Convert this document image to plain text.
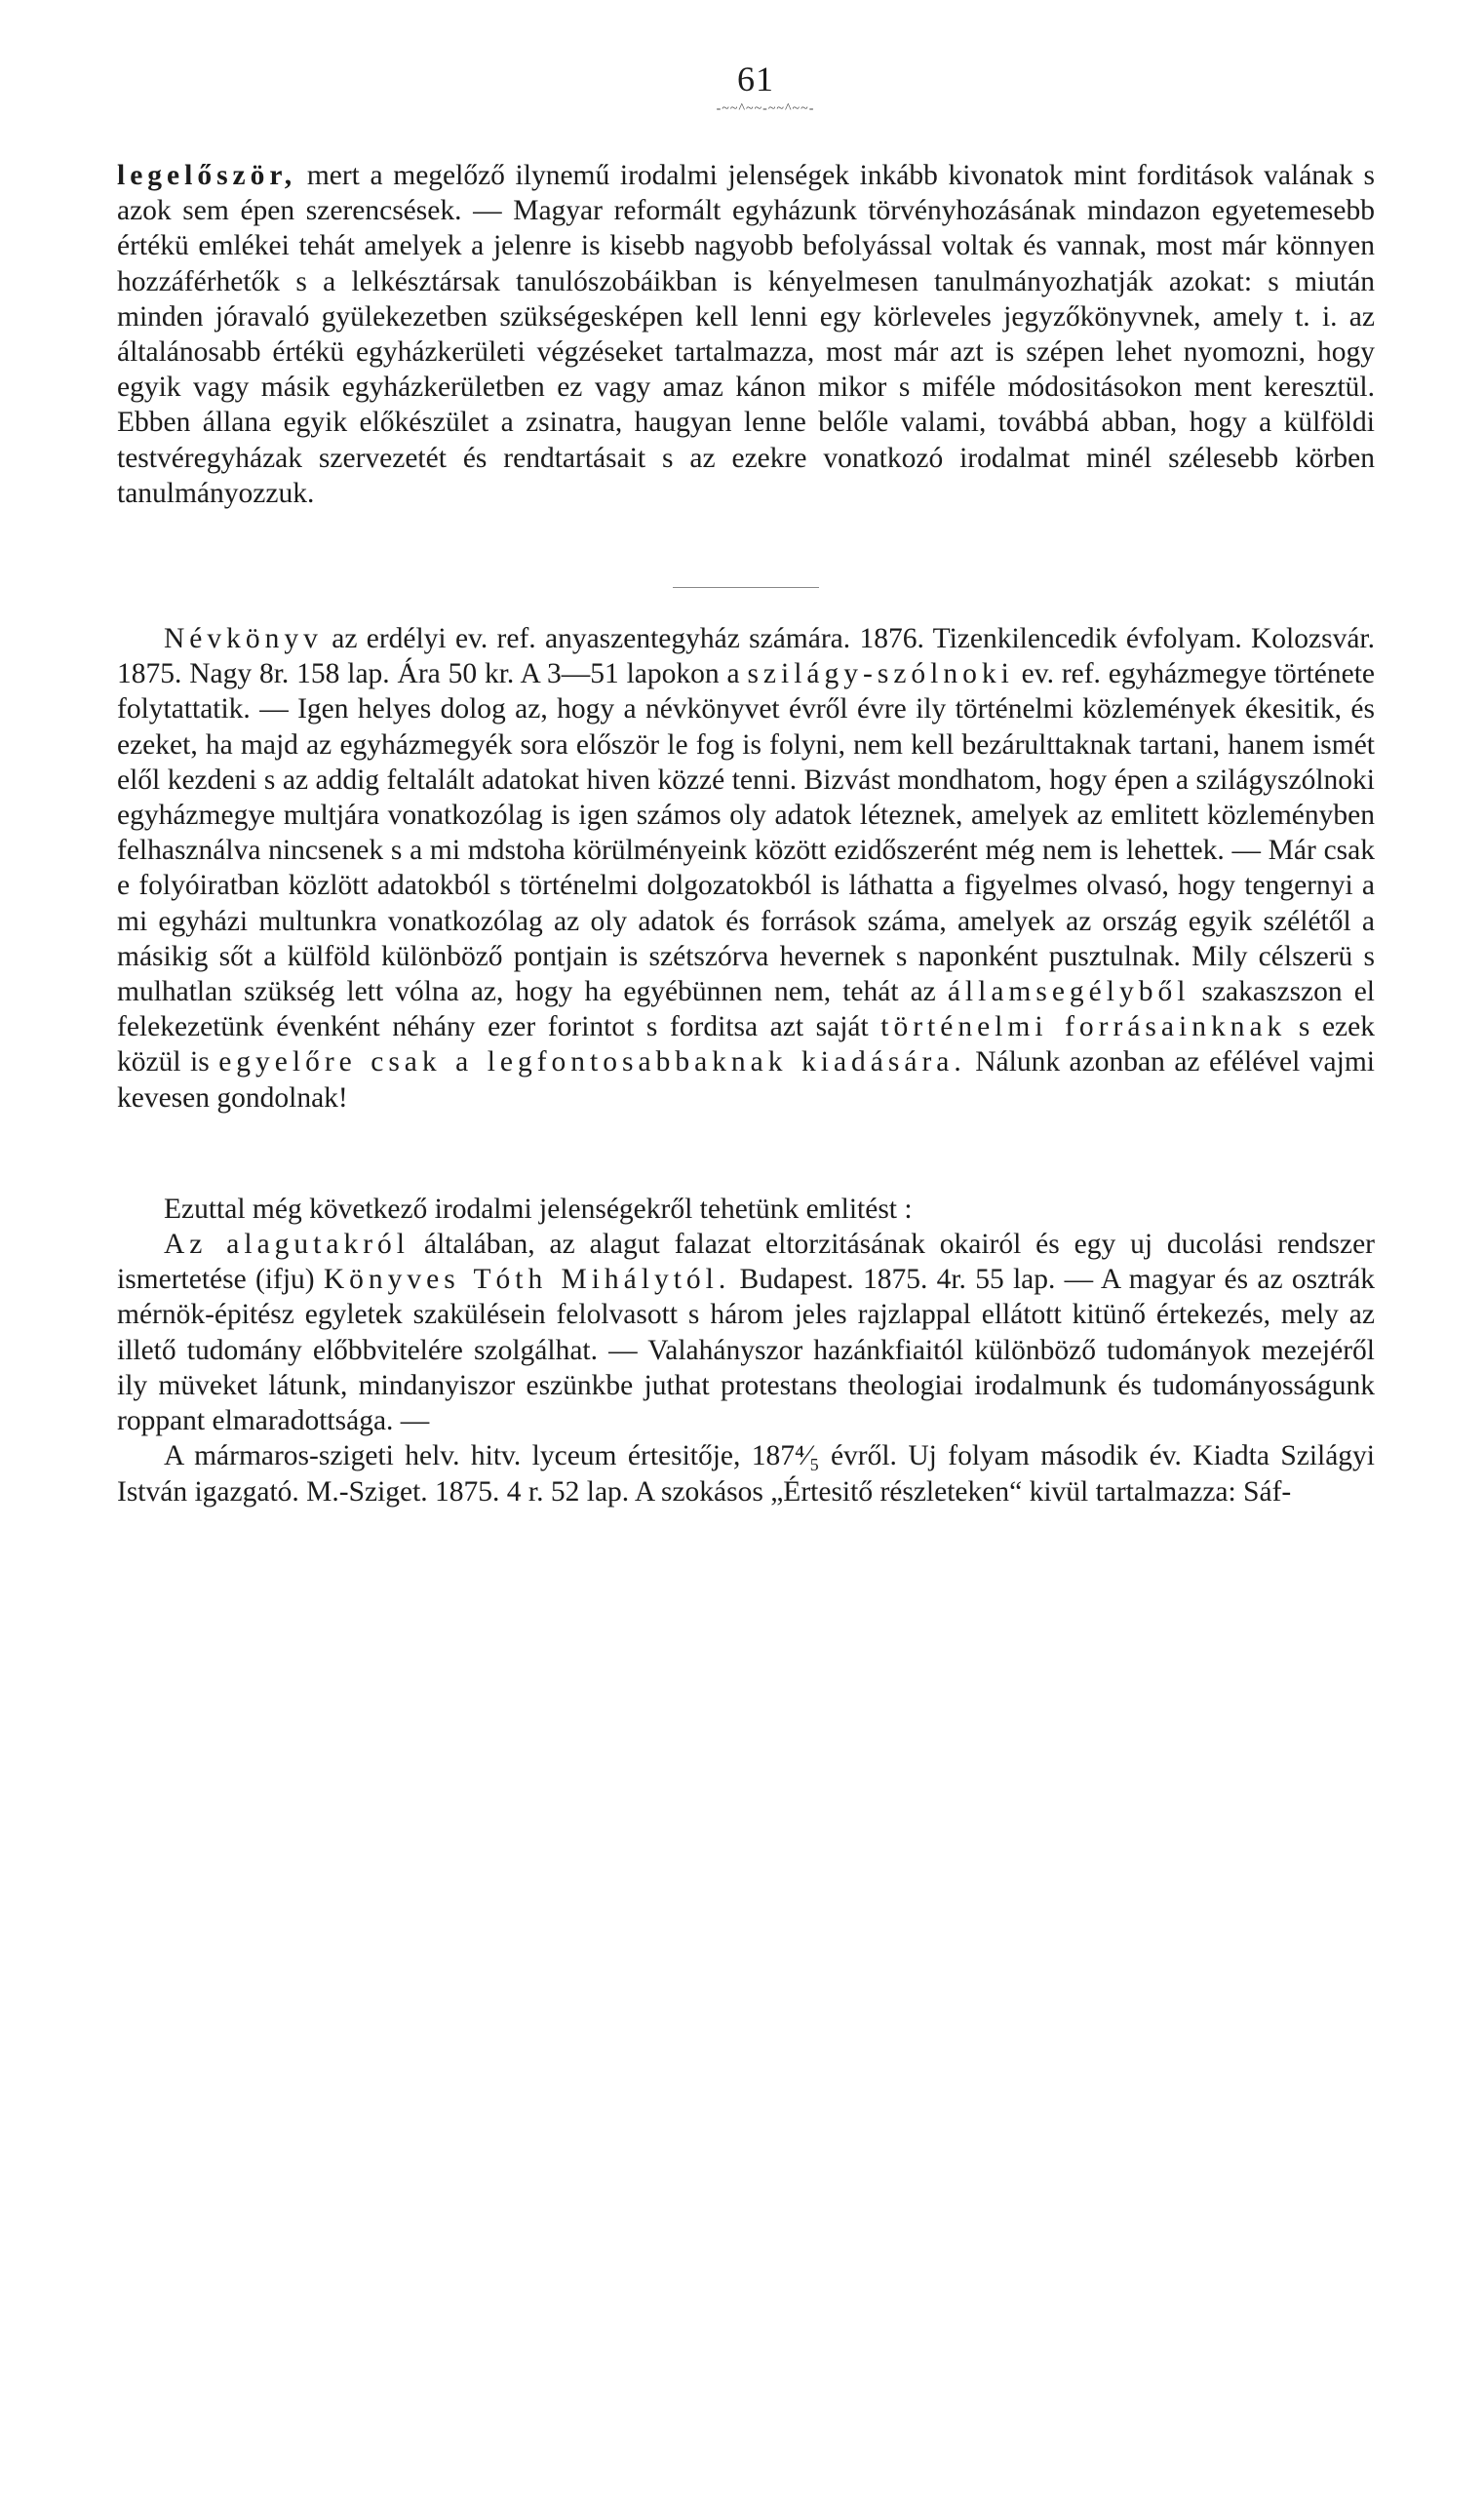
61
-~~^~~-~~^~~-

legelőször, mert a megelőző ilynemű irodalmi jelenségek inkább kivonatok mint forditások valának s azok sem épen szerencsések. — Magyar reformált egyházunk törvényhozásának mindazon egyetemesebb értékü emlékei tehát amelyek a jelenre is kisebb nagyobb befolyással voltak és vannak, most már könnyen hozzáférhetők s a lelkésztársak tanulószobáikban is kényelmesen tanulmányozhatják azokat: s miután minden jóravaló gyülekezetben szükségesképen kell lenni egy körleveles jegyzőkönyvnek, amely t. i. az általánosabb értékü egyházkerületi végzéseket tartalmazza, most már azt is szépen lehet nyomozni, hogy egyik vagy másik egyházkerületben ez vagy amaz kánon mikor s miféle módositásokon ment keresztül. Ebben állana egyik előkészület a zsinatra, haugyan lenne belőle valami, továbbá abban, hogy a külföldi testvéregyházak szervezetét és rendtartásait s az ezekre vonatkozó irodalmat minél szélesebb körben tanulmányozzuk.

Névkönyv az erdélyi ev. ref. anyaszentegyház számára. 1876. Tizenkilencedik évfolyam. Kolozsvár. 1875. Nagy 8r. 158 lap. Ára 50 kr. A 3—51 lapokon a szilágy-szólnoki ev. ref. egyházmegye története folytattatik. — Igen helyes dolog az, hogy a névkönyvet évről évre ily történelmi közlemények ékesitik, és ezeket, ha majd az egyházmegyék sora először le fog is folyni, nem kell bezárulttaknak tartani, hanem ismét elől kezdeni s az addig feltalált adatokat hiven közzé tenni. Bizvást mondhatom, hogy épen a szilágyszólnoki egyházmegye multjára vonatkozólag is igen számos oly adatok léteznek, amelyek az emlitett közleményben felhasználva nincsenek s a mi mdstoha körülményeink között ezidőszerént még nem is lehettek. — Már csak e folyóiratban közlött adatokból s történelmi dolgozatokból is láthatta a figyelmes olvasó, hogy tengernyi a mi egyházi multunkra vonatkozólag az oly adatok és források száma, amelyek az ország egyik szélétől a másikig sőt a külföld különböző pontjain is szétszórva hevernek s naponként pusztulnak. Mily célszerü s mulhatlan szükség lett vólna az, hogy ha egyébünnen nem, tehát az államsegélyből szakaszszon el felekezetünk évenként néhány ezer forintot s forditsa azt saját történelmi forrásainknak s ezek közül is egyelőre csak a legfontosabbaknak kiadására. Nálunk azonban az efélével vajmi kevesen gondolnak!

Ezuttal még következő irodalmi jelenségekről tehetünk emlitést :

Az alagutakról általában, az alagut falazat eltorzitásának okairól és egy uj ducolási rendszer ismertetése (ifju) Könyves Tóth Mihálytól. Budapest. 1875. 4r. 55 lap. — A magyar és az osztrák mérnök-épitész egyletek szakülésein felolvasott s három jeles rajzlappal ellátott kitünő értekezés, mely az illető tudomány előbbvitelére szolgálhat. — Valahányszor hazánkfiaitól különböző tudományok mezejéről ily müveket látunk, mindanyiszor eszünkbe juthat protestans theologiai irodalmunk és tudományosságunk roppant elmaradottsága. —

A mármaros-szigeti helv. hitv. lyceum értesitője, 187⁴⁄₅ évről. Uj folyam második év. Kiadta Szilágyi István igazgató. M.-Sziget. 1875. 4 r. 52 lap. A szokásos „Értesitő részleteken“ kivül tartalmazza: Sáf-
